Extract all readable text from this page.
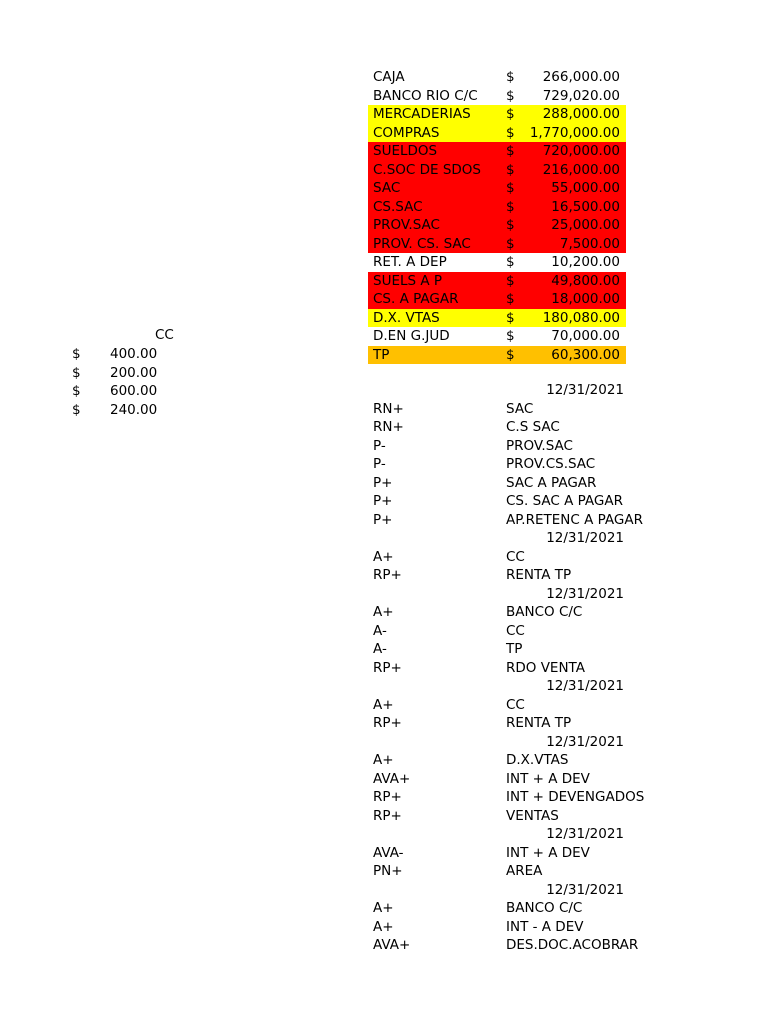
CAJA	$ 266,000.00
BANCO RIO C/C $ 729,020.00
MERCADERIAS	$ 288,000.00
COMPRAS	$ 1,770,000.00
SUELDOS	$ 720,000.00
C.SOC DE SDOS $ 216,000.00
SAC	$	55,000.00
CS.SAC	$	16,500.00
PROV.SAC	$	25,000.00
PROV. CS. SAC	$	7,500.00
RET. A DEP	$	10,200.00
SUELS A P	$	49,800.00
CS. A PAGAR	$	18,000.00
D.X. VTAS	$ 180,080.00
D.EN G.JUD	$	70,000.00
TP	$	60,300.00
CC
$ 400.00
$ 200.00
$ 600.00
$ 240.00
12/31/2021
RN+	SAC
RN+	C.S SAC
P-	PROV.SAC
P-	PROV.CS.SAC
P+	SAC A PAGAR
P+	CS. SAC A PAGAR
P+	AP.RETENC A PAGAR
12/31/2021
A+	CC
RP+	RENTA TP
12/31/2021
A+	BANCO C/C
A-	CC
A-	TP
RP+	RDO VENTA
12/31/2021
A+	CC
RP+	RENTA TP
12/31/2021
A+	D.X.VTAS
AVA+	INT + A DEV
RP+	INT + DEVENGADOS
RP+	VENTAS
12/31/2021
AVA-	INT + A DEV
PN+	AREA
12/31/2021
A+	BANCO C/C
A+	INT - A DEV
AVA+	DES.DOC.ACOBRAR
